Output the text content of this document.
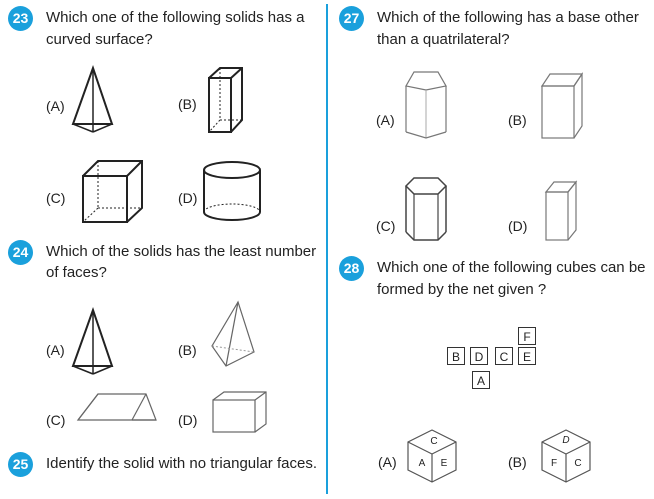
23	Which one of the following solids has a
curved surface?
(A)	(B)
(C)	(D)
24	Which of the solids has the least number
of faces?
(A)	(B)
(C)	(D)
25	Identify the solid with no triangular faces.
27	Which of the following has a base other
than a quatrilateral?
(A)	(B)
(C)	(D)
28	Which one of the following cubes can be
formed by the net given ?
F
B	D	C	E
A
(A)
C
A E	(B)
D
F C
